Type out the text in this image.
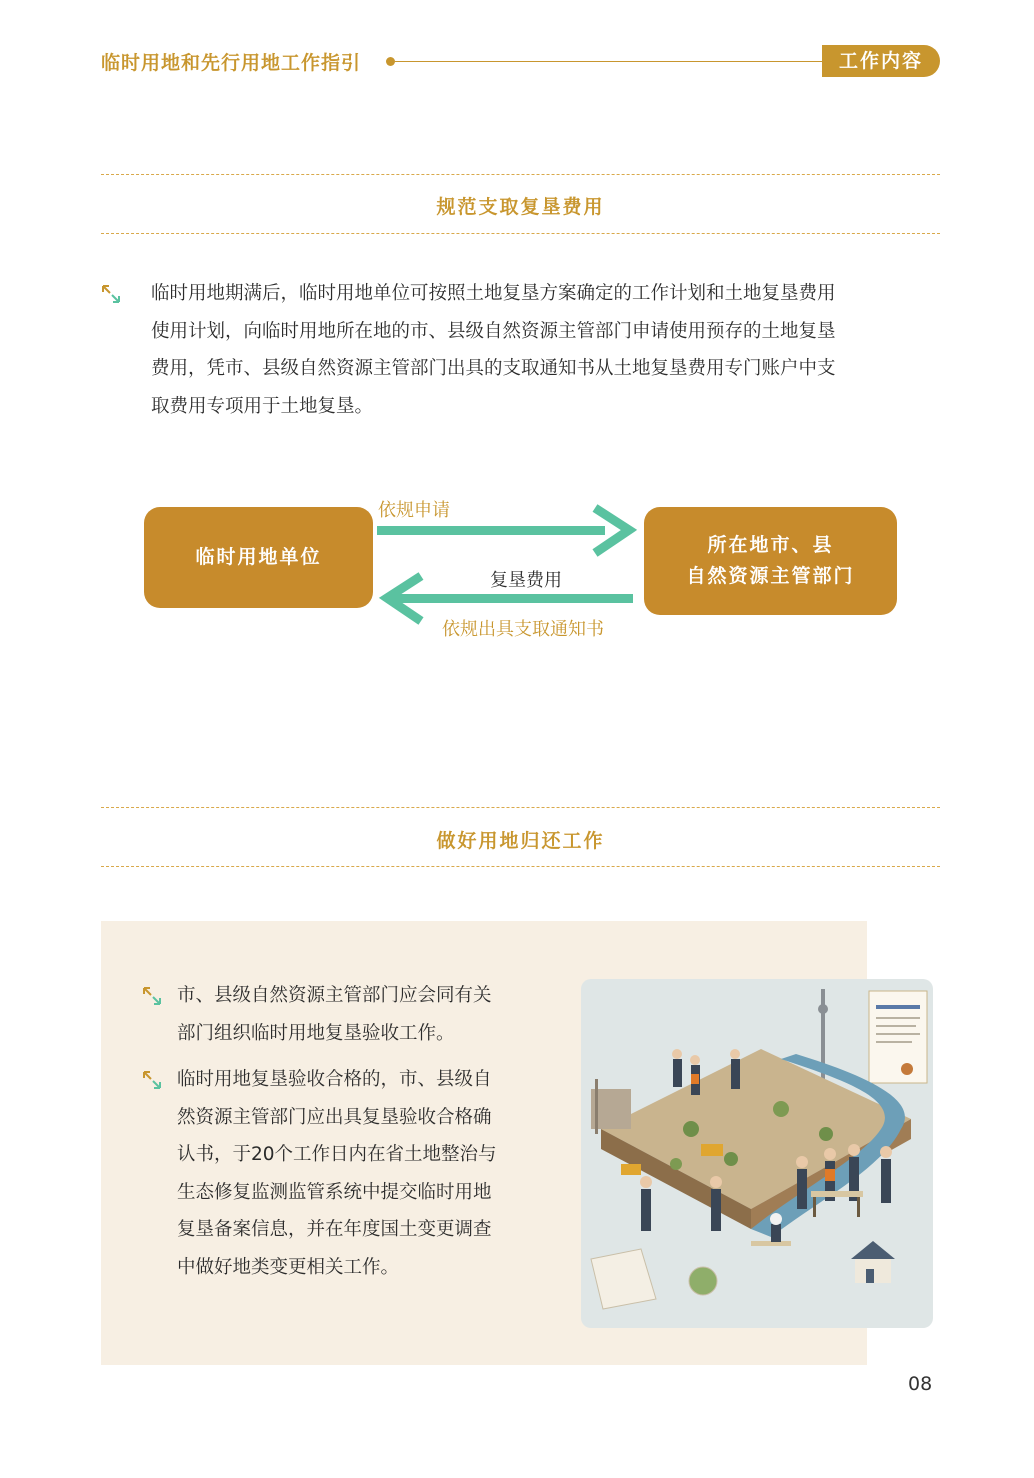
临时用地和先行用地工作指引	工作内容
规范支取复垦费用
临时用地期满后，临时用地单位可按照土地复垦方案确定的工作计划和土地复垦费用
使用计划，向临时用地所在地的市、县级自然资源主管部门申请使用预存的土地复垦
费用，凭市、县级自然资源主管部门出具的支取通知书从土地复垦费用专门账户中支
取费用专项用于土地复垦。
临时用地单位
所在地市、县
自然资源主管部门
依规申请
复垦费用
依规出具支取通知书
做好用地归还工作
市、县级自然资源主管部门应会同有关
部门组织临时用地复垦验收工作。
临时用地复垦验收合格的，市、县级自
然资源主管部门应出具复垦验收合格确
认书，于20个工作日内在省土地整治与
生态修复监测监管系统中提交临时用地
复垦备案信息，并在年度国土变更调查
中做好地类变更相关工作。
08
